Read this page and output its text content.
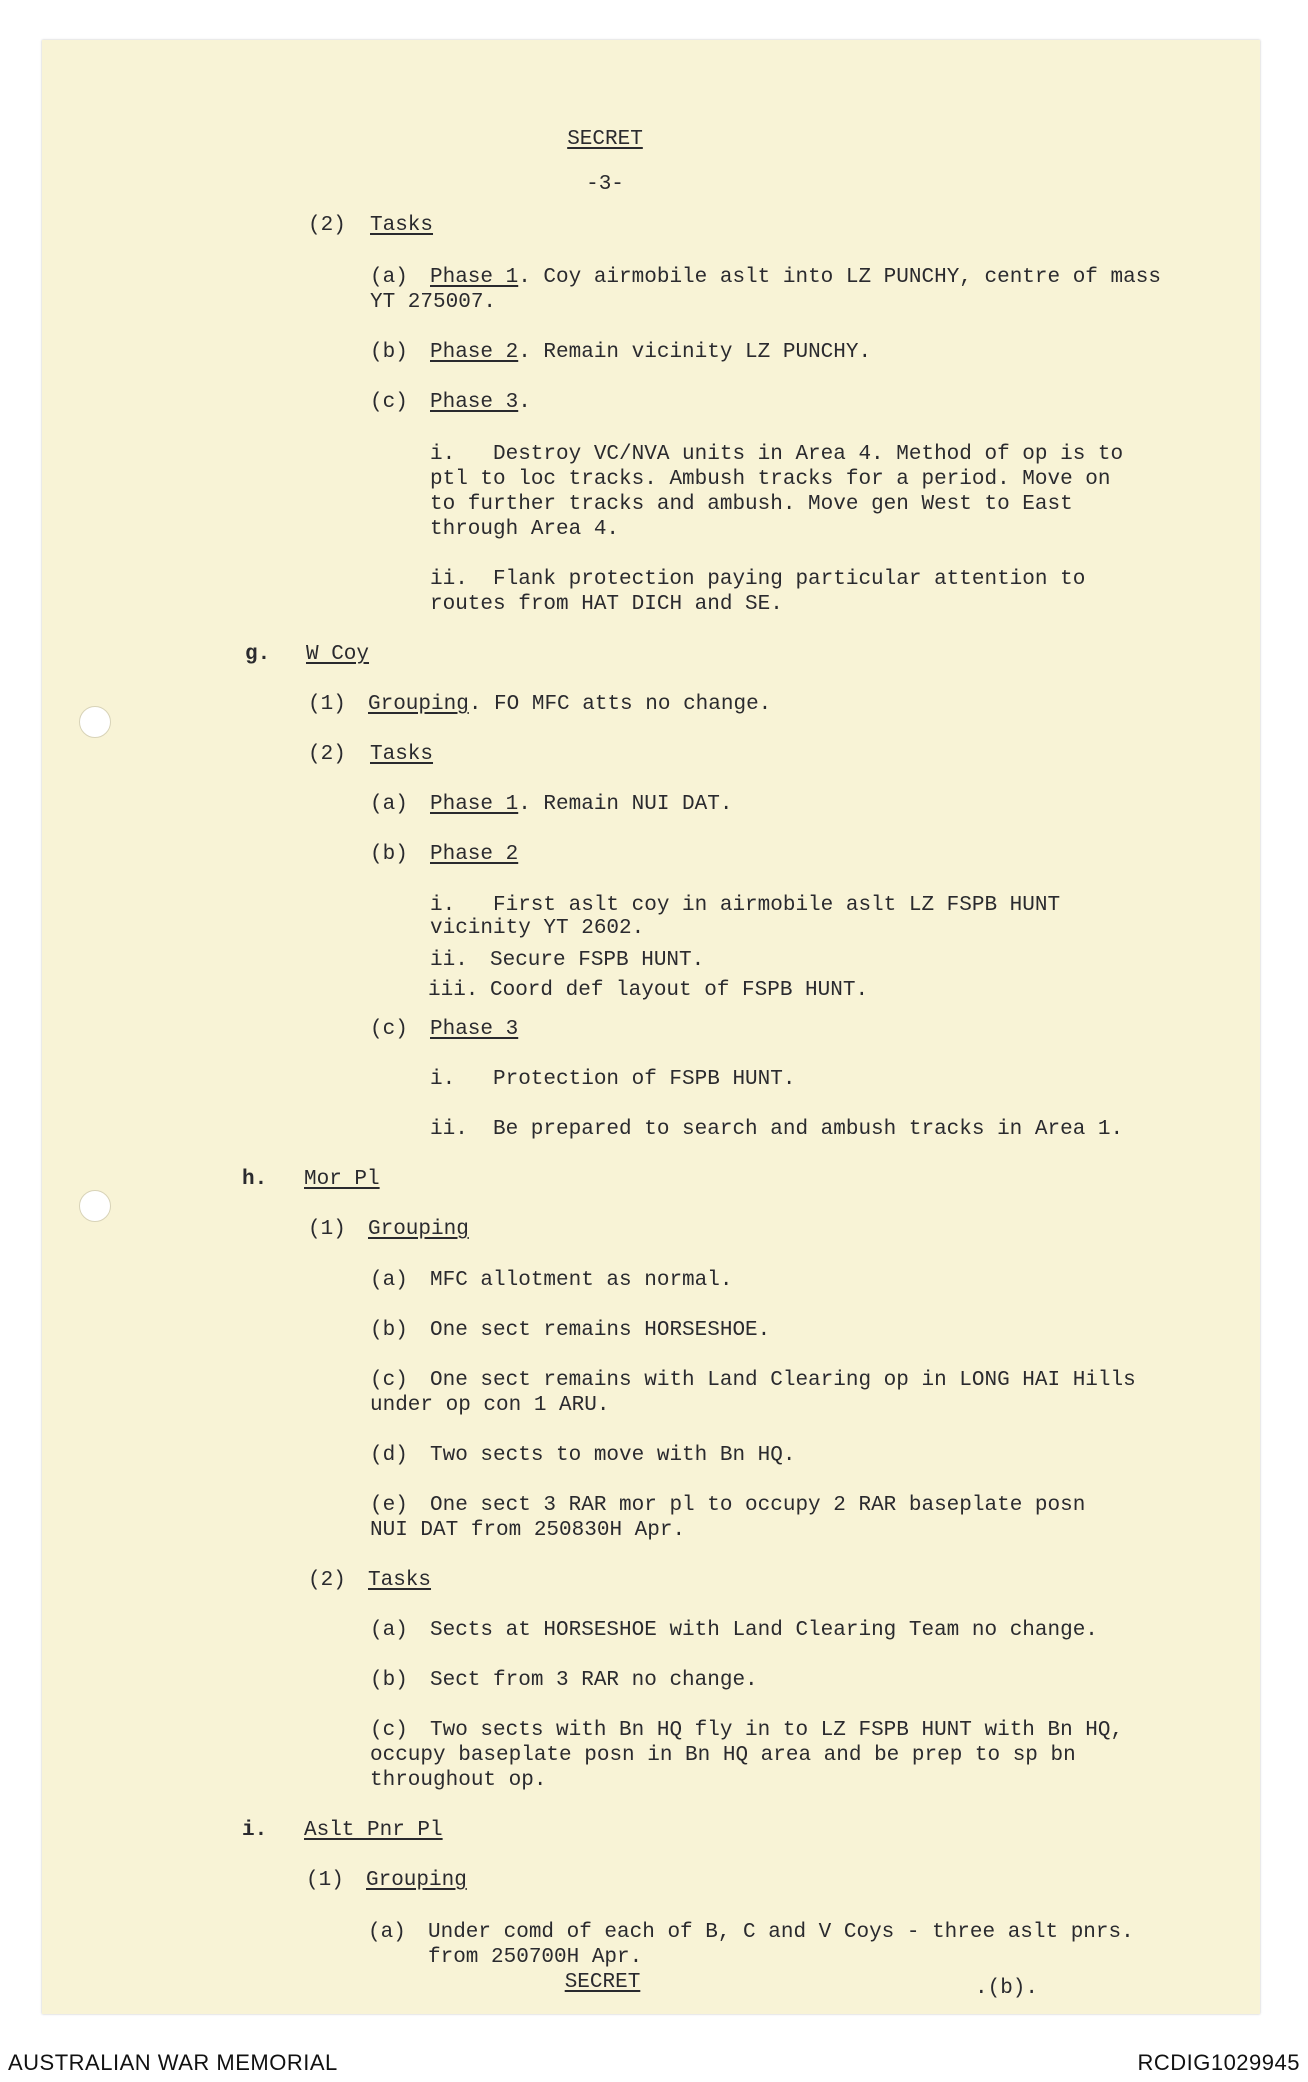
SECRET
-3-
(2) Tasks
(a) Phase 1. Coy airmobile aslt into LZ PUNCHY, centre of mass
YT 275007.
(b) Phase 2. Remain vicinity LZ PUNCHY.
(c) Phase 3.
i. Destroy VC/NVA units in Area 4. Method of op is to
ptl to loc tracks. Ambush tracks for a period. Move on
to further tracks and ambush. Move gen West to East
through Area 4.
ii. Flank protection paying particular attention to
routes from HAT DICH and SE.
g. W Coy
(1) Grouping. FO MFC atts no change.
(2) Tasks
(a) Phase 1. Remain NUI DAT.
(b) Phase 2
i. First aslt coy in airmobile aslt LZ FSPB HUNT
vicinity YT 2602.
ii. Secure FSPB HUNT.
iii. Coord def layout of FSPB HUNT.
(c) Phase 3
i. Protection of FSPB HUNT.
ii. Be prepared to search and ambush tracks in Area 1.
h. Mor Pl
(1) Grouping
(a) MFC allotment as normal.
(b) One sect remains HORSESHOE.
(c) One sect remains with Land Clearing op in LONG HAI Hills
under op con 1 ARU.
(d) Two sects to move with Bn HQ.
(e) One sect 3 RAR mor pl to occupy 2 RAR baseplate posn
NUI DAT from 250830H Apr.
(2) Tasks
(a) Sects at HORSESHOE with Land Clearing Team no change.
(b) Sect from 3 RAR no change.
(c) Two sects with Bn HQ fly in to LZ FSPB HUNT with Bn HQ,
occupy baseplate posn in Bn HQ area and be prep to sp bn
throughout op.
i. Aslt Pnr Pl
(1) Grouping
(a) Under comd of each of B, C and V Coys - three aslt pnrs.
from 250700H Apr.
SECRET	.(b).
AUSTRALIAN WAR MEMORIAL	RCDIG1029945
